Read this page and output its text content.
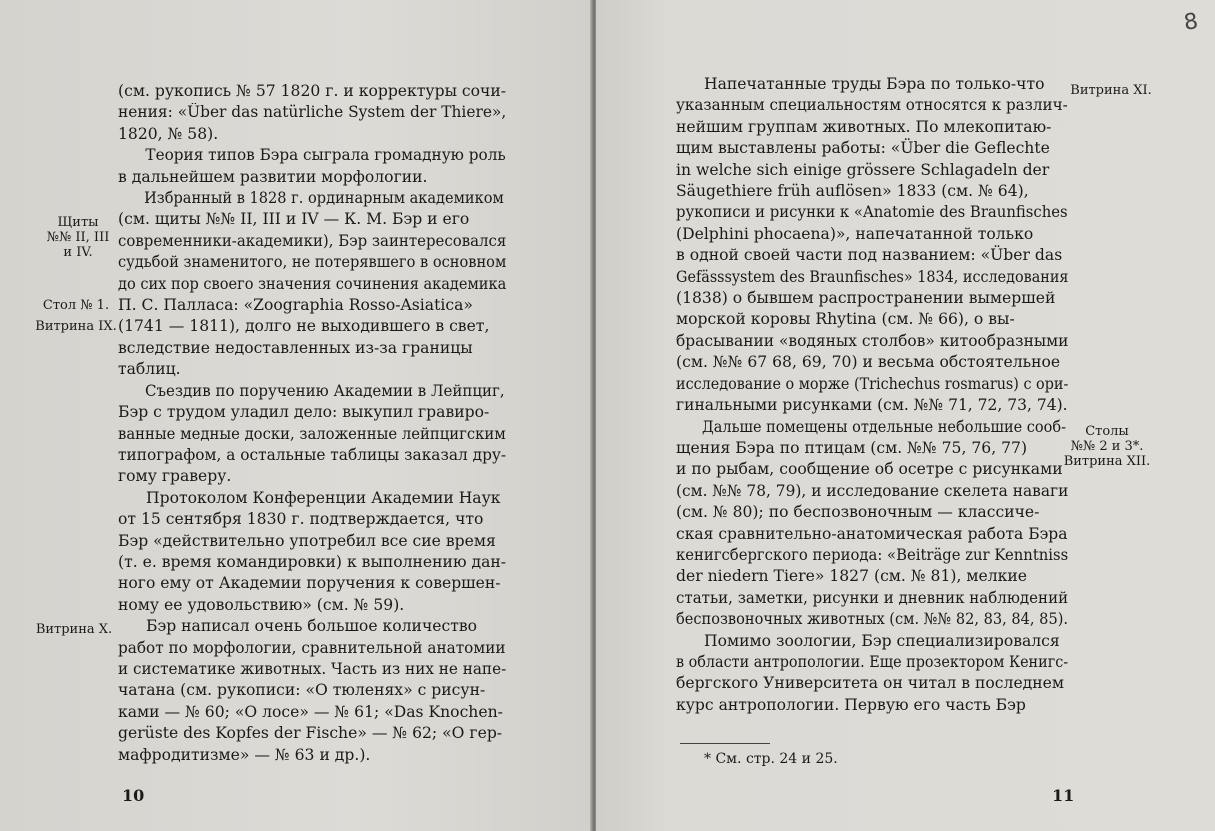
(см. рукопись № 57 1820 г. и корректуры сочи-

нения: «Über das natürliche System der Thiere»,

1820, № 58).

Теория типов Бэра сыграла громадную роль

в дальнейшем развитии морфологии.

Избранный в 1828 г. ординарным академиком

(см. щиты №№ II, III и IV — К. М. Бэр и его

современники-академики), Бэр заинтересовался

судьбой знаменитого, не потерявшего в основном

до сих пор своего значения сочинения академика

П. С. Палласа: «Zoographia Rosso-Asiatica»

(1741 — 1811), долго не выходившего в свет,

вследствие недоставленных из-за границы

таблиц.

Съездив по поручению Академии в Лейпциг,

Бэр с трудом уладил дело: выкупил гравиро-

ванные медные доски, заложенные лейпцигским

типографом, а остальные таблицы заказал дру-

гому граверу.

Протоколом Конференции Академии Наук

от 15 сентября 1830 г. подтверждается, что

Бэр «действительно употребил все сие время

(т. е. время командировки) к выполнению дан-

ного ему от Академии поручения к совершен-

ному ее удовольствию» (см. № 59).

Бэр написал очень большое количество

работ по морфологии, сравнительной анатомии

и систематике животных. Часть из них не напе-

чатана (см. рукописи: «О тюленях» с рисун-

ками — № 60; «О лосе» — № 61; «Das Knochen-

gerüste des Kopfes der Fische» — № 62; «О гер-

мафродитизме» — № 63 и др.).

Щиты
№№ II, III
и IV.
Стол № 1.
Витрина IX.
Витрина X.
10
8

Напечатанные труды Бэра по только-что

указанным специальностям относятся к различ-

нейшим группам животных. По млекопитаю-

щим выставлены работы: «Über die Geflechte

in welche sich einige grössere Schlagadeln der

Säugethiere früh auflösen» 1833 (см. № 64),

рукописи и рисунки к «Anatomie des Braunfisches

(Delphini phocaena)», напечатанной только

в одной своей части под названием: «Über das

Gefässsystem des Braunfisches» 1834, исследования

(1838) о бывшем распространении вымершей

морской коровы Rhytina (см. № 66), о вы-

брасывании «водяных столбов» китообразными

(см. №№ 67 68, 69, 70) и весьма обстоятельное

исследование о морже (Trichechus rosmarus) с ори-

гинальными рисунками (см. №№ 71, 72, 73, 74).

Дальше помещены отдельные небольшие сооб-

щения Бэра по птицам (см. №№ 75, 76, 77)

и по рыбам, сообщение об осетре с рисунками

(см. №№ 78, 79), и исследование скелета наваги

(см. № 80); по беспозвоночным — классиче-

ская сравнительно-анатомическая работа Бэра

кенигсбергского периода: «Beiträge zur Kenntniss

der niedern Tiere» 1827 (см. № 81), мелкие

статьи, заметки, рисунки и дневник наблюдений

беспозвоночных животных (см. №№ 82, 83, 84, 85).

Помимо зоологии, Бэр специализировался

в области антропологии. Еще прозектором Кенигс-

бергского Университета он читал в последнем

курс антропологии. Первую его часть Бэр

Витрина XI.
Столы
№№ 2 и 3*.
Витрина XII.
* См. стр. 24 и 25.
11
